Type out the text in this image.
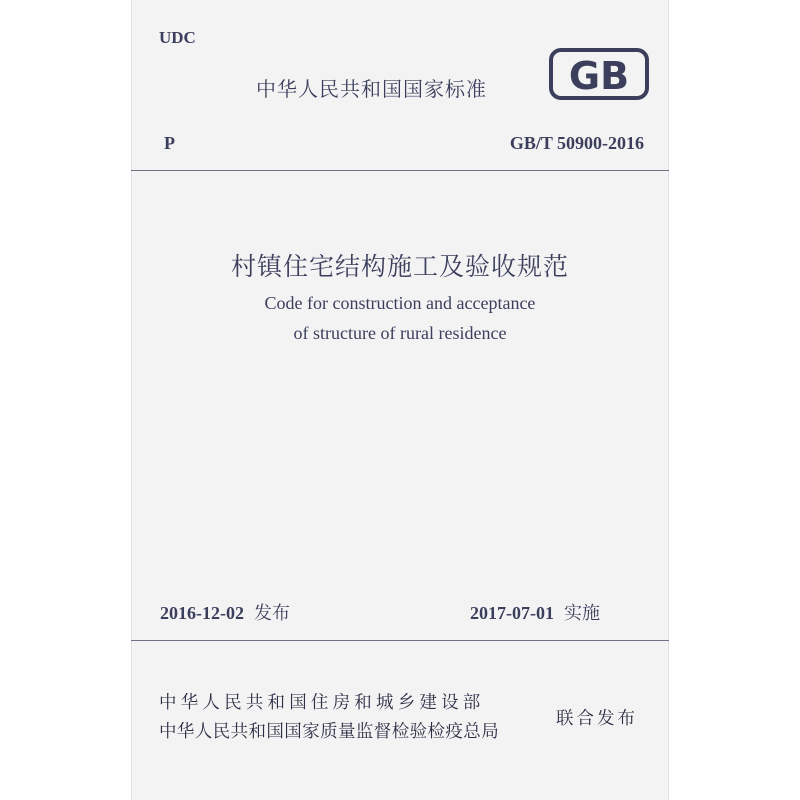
UDC
中华人民共和国国家标准 GB
P	GB/T 50900-2016
村镇住宅结构施工及验收规范
Code for construction and acceptance
of structure of rural residence
2016-12-02 发布	2017-07-01 实施
中华人民共和国住房和城乡建设部
中华人民共和国国家质量监督检验检疫总局
联合发布
